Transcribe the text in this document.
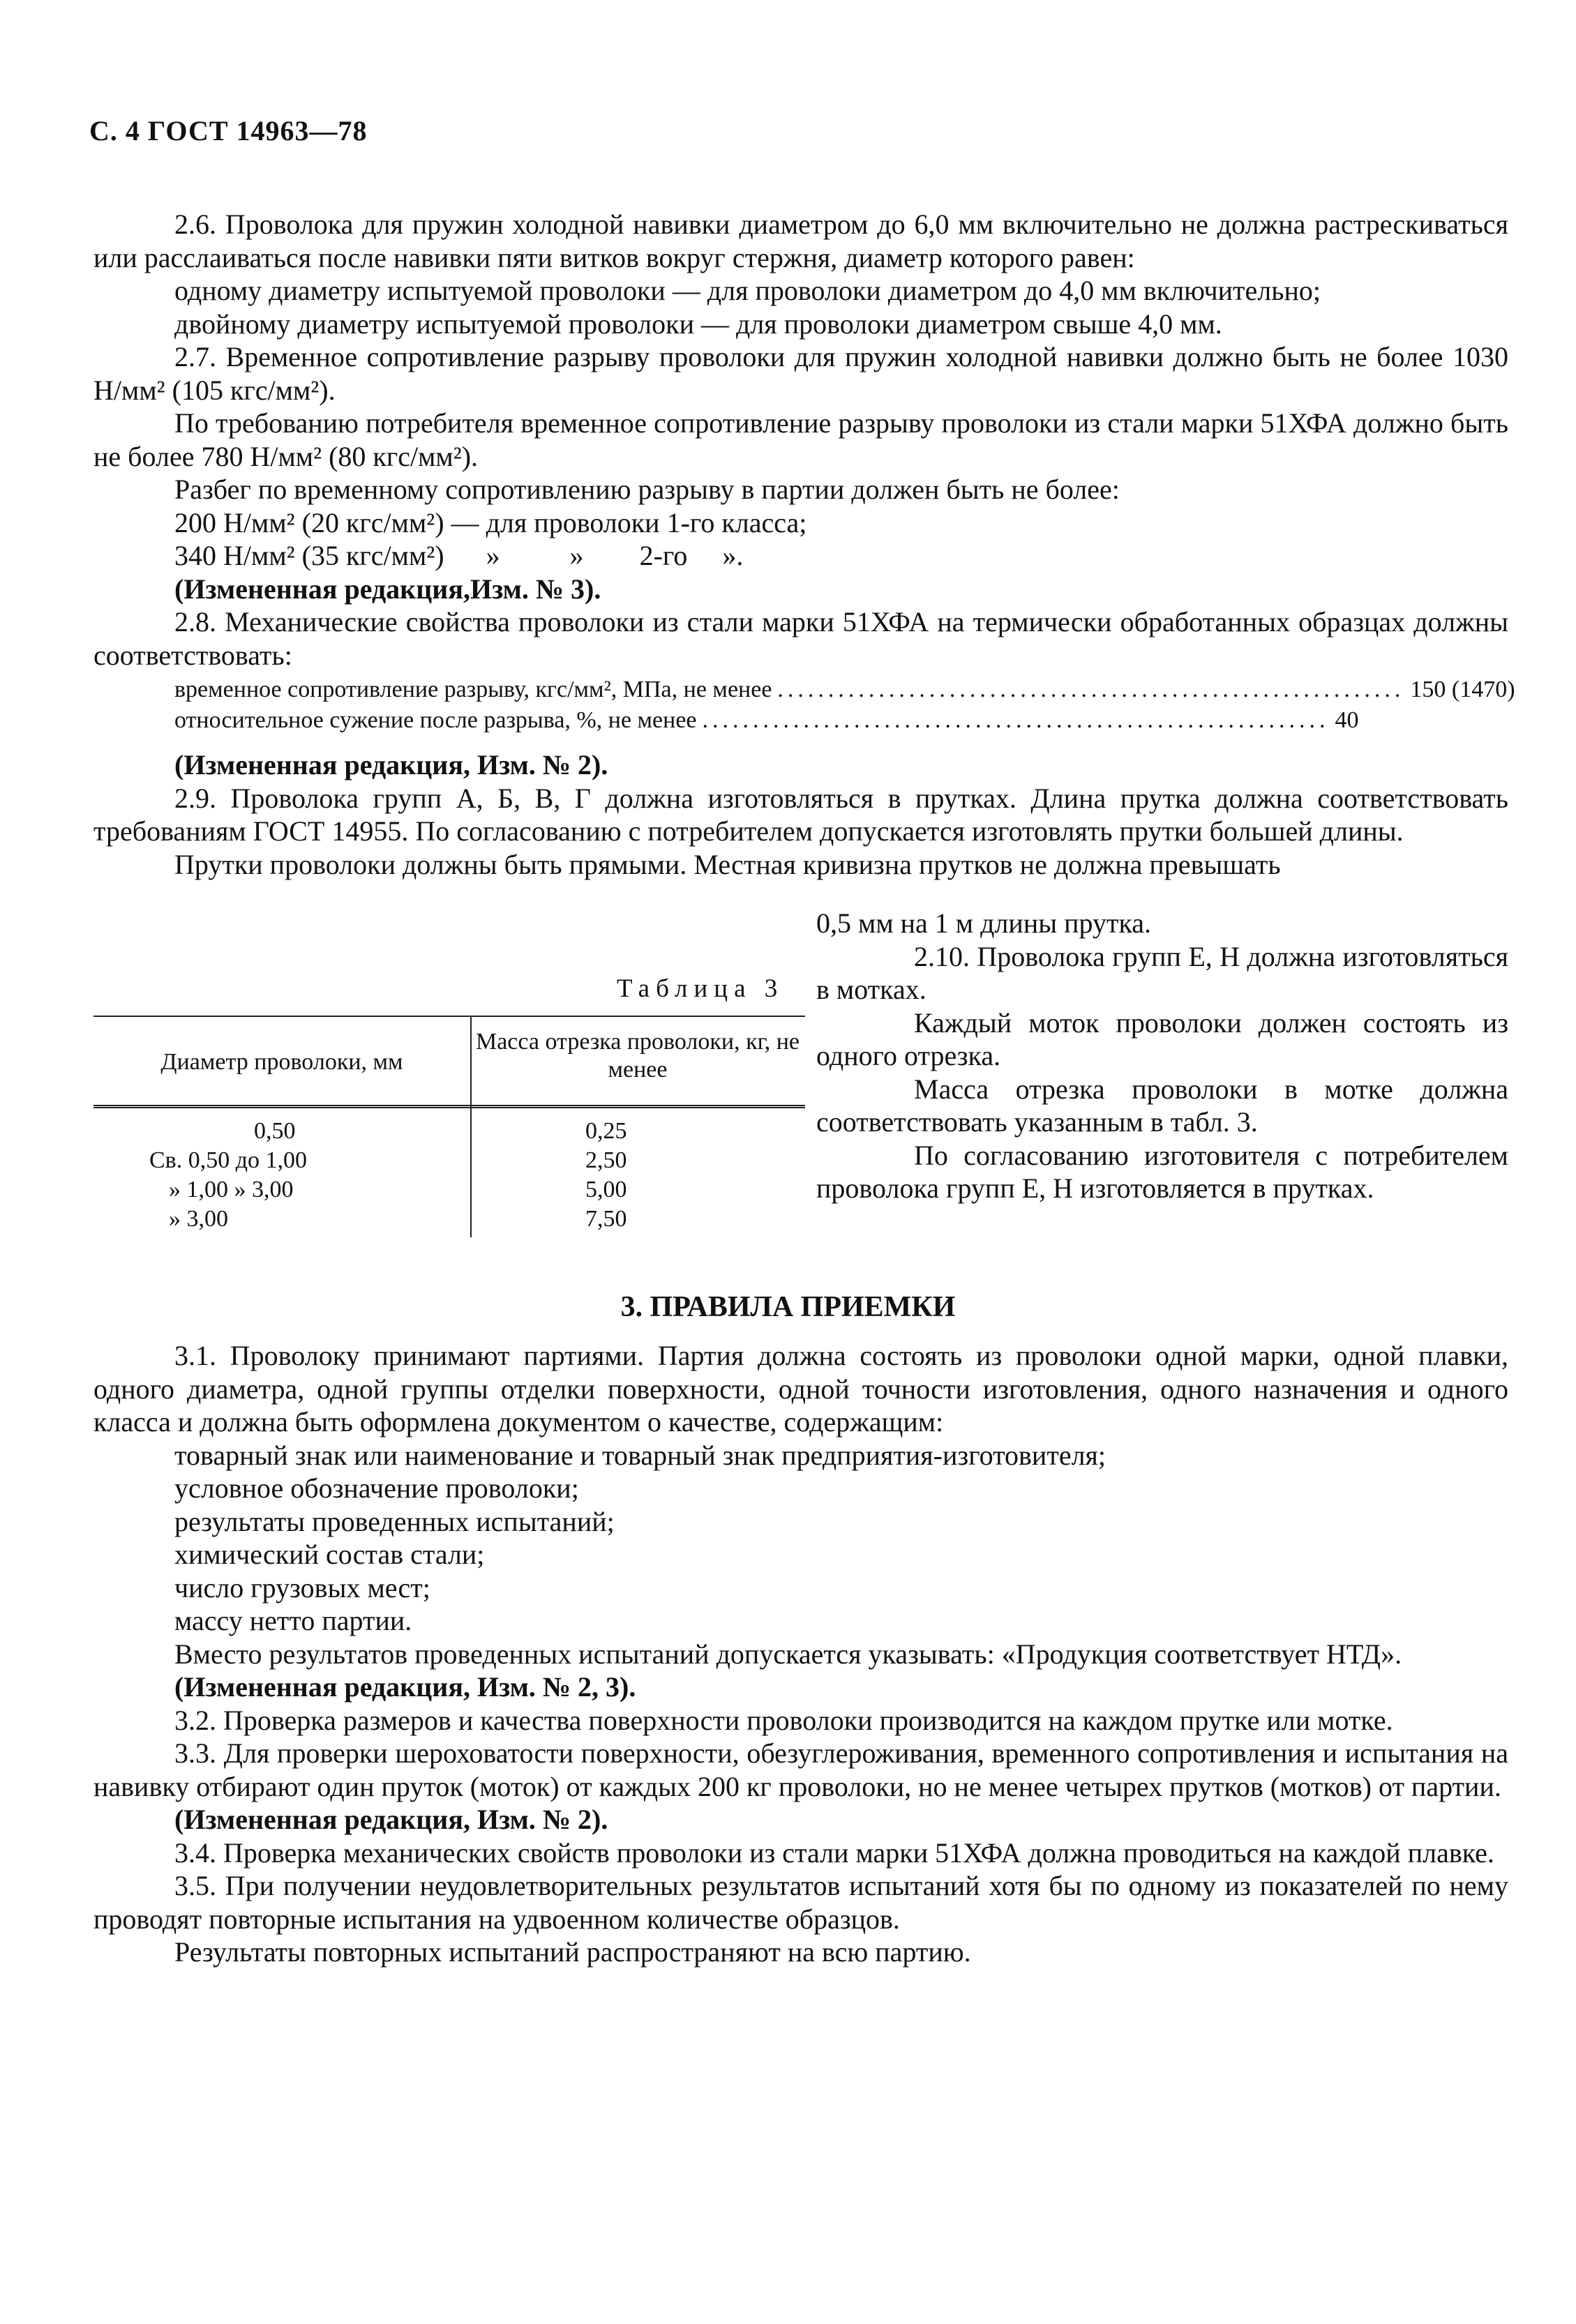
С. 4 ГОСТ 14963—78

2.6. Проволока для пружин холодной навивки диаметром до 6,0 мм включительно не должна растрескиваться или расслаиваться после навивки пяти витков вокруг стержня, диаметр которого равен:

одному диаметру испытуемой проволоки — для проволоки диаметром до 4,0 мм включительно;

двойному диаметру испытуемой проволоки — для проволоки диаметром свыше 4,0 мм.

2.7. Временное сопротивление разрыву проволоки для пружин холодной навивки должно быть не более 1030 Н/мм² (105 кгс/мм²).

По требованию потребителя временное сопротивление разрыву проволоки из стали марки 51ХФА должно быть не более 780 Н/мм² (80 кгс/мм²).

Разбег по временному сопротивлению разрыву в партии должен быть не более:

200 Н/мм² (20 кгс/мм²) — для проволоки 1-го класса;

340 Н/мм² (35 кгс/мм²)      »          »        2-го     ».

(Измененная редакция,Изм. № 3).

2.8. Механические свойства проволоки из стали марки 51ХФА на термически обработанных образцах должны соответствовать:

временное сопротивление разрыву, кгс/мм², МПа, не менее .............................................................. 150 (1470)
относительное сужение после разрыва, %, не менее .............................................................. 40

(Измененная редакция, Изм. № 2).

2.9. Проволока групп А, Б, В, Г должна изготовляться в прутках. Длина прутка должна соответствовать требованиям ГОСТ 14955. По согласованию с потребителем допускается изготовлять прутки большей длины.

Прутки проволоки должны быть прямыми. Местная кривизна прутков не должна превышать

0,5 мм на 1 м длины прутка.

2.10. Проволока групп Е, Н должна изготовляться в мотках.

Каждый моток проволоки должен состоять из одного отрезка.

Масса отрезка проволоки в мотке должна соответствовать указанным в табл. 3.

По согласованию изготовителя с потребителем проволока групп Е, Н изготовляется в прутках.

Таблица 3
Диаметр проволоки, мм
Масса отрезка проволоки, кг, не менее
0,50	0,25
Св. 0,50 до 1,00	2,50
» 1,00 » 3,00	5,00
» 3,00	7,50
3. ПРАВИЛА ПРИЕМКИ

3.1. Проволоку принимают партиями. Партия должна состоять из проволоки одной марки, одной плавки, одного диаметра, одной группы отделки поверхности, одной точности изготовления, одного назначения и одного класса и должна быть оформлена документом о качестве, содержащим:

товарный знак или наименование и товарный знак предприятия-изготовителя;

условное обозначение проволоки;

результаты проведенных испытаний;

химический состав стали;

число грузовых мест;

массу нетто партии.

Вместо результатов проведенных испытаний допускается указывать: «Продукция соответствует НТД».

(Измененная редакция, Изм. № 2, 3).

3.2. Проверка размеров и качества поверхности проволоки производится на каждом прутке или мотке.

3.3. Для проверки шероховатости поверхности, обезуглероживания, временного сопротивления и испытания на навивку отбирают один пруток (моток) от каждых 200 кг проволоки, но не менее четырех прутков (мотков) от партии.

(Измененная редакция, Изм. № 2).

3.4. Проверка механических свойств проволоки из стали марки 51ХФА должна проводиться на каждой плавке.

3.5. При получении неудовлетворительных результатов испытаний хотя бы по одному из показателей по нему проводят повторные испытания на удвоенном количестве образцов.

Результаты повторных испытаний распространяют на всю партию.
